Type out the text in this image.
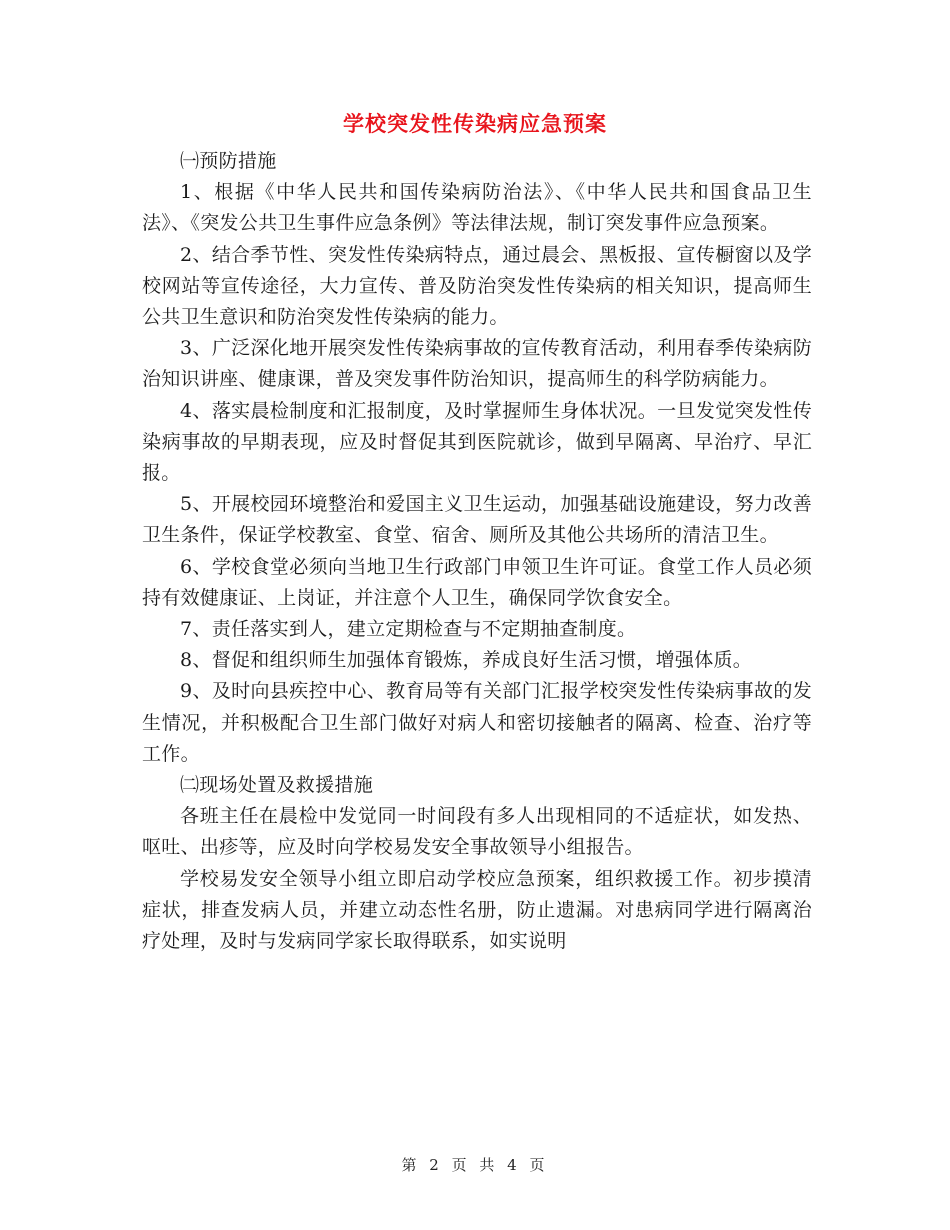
学校突发性传染病应急预案

㈠预防措施

1、根据《中华人民共和国传染病防治法》、《中华人民共和国食品卫生法》、《突发公共卫生事件应急条例》等法律法规，制订突发事件应急预案。

2、结合季节性、突发性传染病特点，通过晨会、黑板报、宣传橱窗以及学校网站等宣传途径，大力宣传、普及防治突发性传染病的相关知识，提高师生公共卫生意识和防治突发性传染病的能力。

3、广泛深化地开展突发性传染病事故的宣传教育活动，利用春季传染病防治知识讲座、健康课，普及突发事件防治知识，提高师生的科学防病能力。

4、落实晨检制度和汇报制度，及时掌握师生身体状况。一旦发觉突发性传染病事故的早期表现，应及时督促其到医院就诊，做到早隔离、早治疗、早汇报。

5、开展校园环境整治和爱国主义卫生运动，加强基础设施建设，努力改善卫生条件，保证学校教室、食堂、宿舍、厕所及其他公共场所的清洁卫生。

6、学校食堂必须向当地卫生行政部门申领卫生许可证。食堂工作人员必须持有效健康证、上岗证，并注意个人卫生，确保同学饮食安全。

7、责任落实到人，建立定期检查与不定期抽查制度。

8、督促和组织师生加强体育锻炼，养成良好生活习惯，增强体质。

9、及时向县疾控中心、教育局等有关部门汇报学校突发性传染病事故的发生情况，并积极配合卫生部门做好对病人和密切接触者的隔离、检查、治疗等工作。

㈡现场处置及救援措施

各班主任在晨检中发觉同一时间段有多人出现相同的不适症状，如发热、呕吐、出疹等，应及时向学校易发安全事故领导小组报告。

学校易发安全领导小组立即启动学校应急预案，组织救援工作。初步摸清症状，排查发病人员，并建立动态性名册，防止遗漏。对患病同学进行隔离治疗处理，及时与发病同学家长取得联系，如实说明

第 2 页 共 4 页
